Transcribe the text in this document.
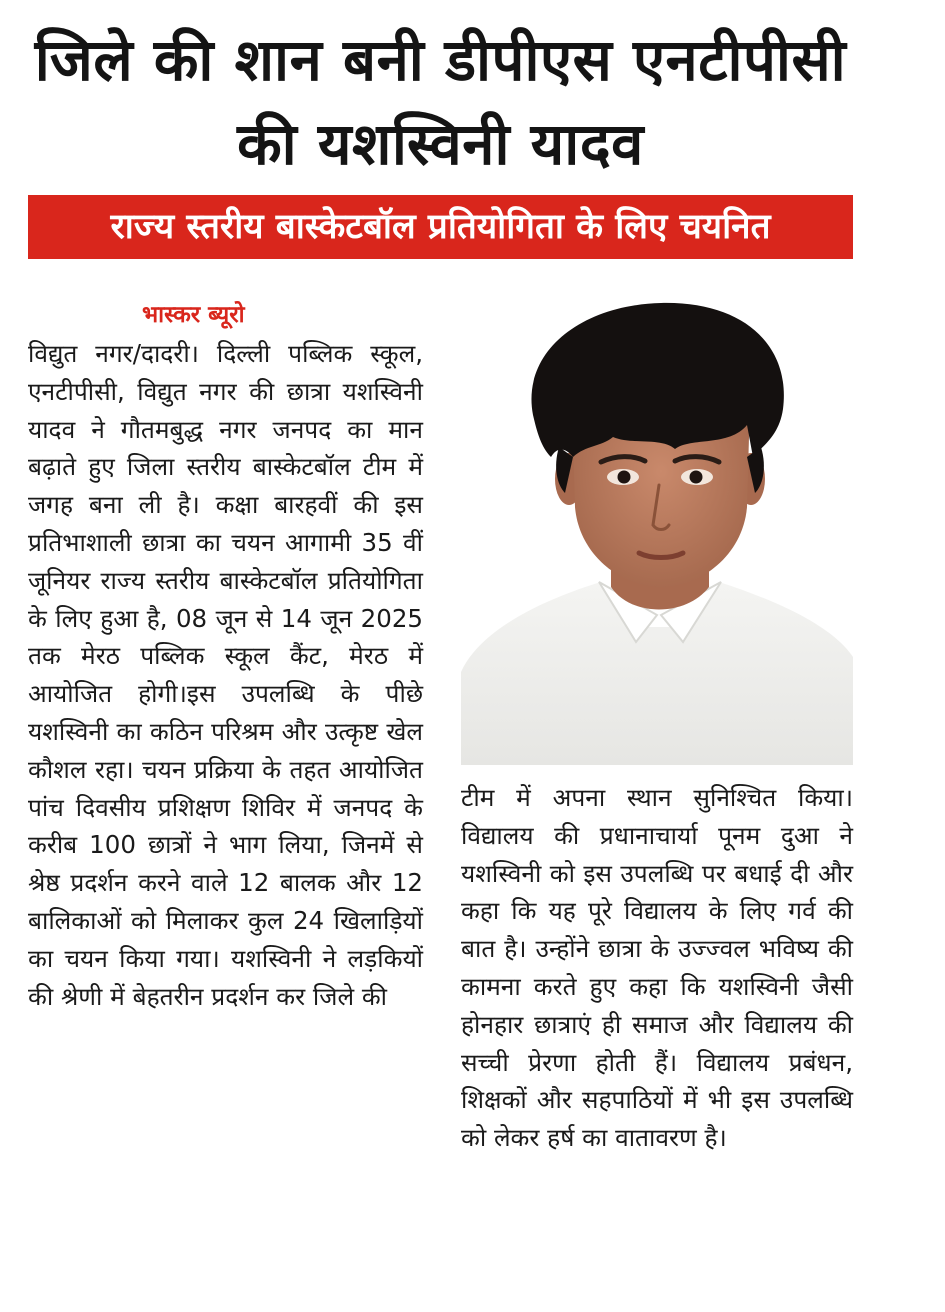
जिले की शान बनी डीपीएस एनटीपीसी
की यशस्विनी यादव
राज्य स्तरीय बास्केटबॉल प्रतियोगिता के लिए चयनित
भास्कर ब्यूरो
विद्युत नगर/दादरी। दिल्ली पब्लिक स्कूल, एनटीपीसी, विद्युत नगर की छात्रा यशस्विनी यादव ने गौतमबुद्ध नगर जनपद का मान बढ़ाते हुए जिला स्तरीय बास्केटबॉल टीम में जगह बना ली है। कक्षा बारहवीं की इस प्रतिभाशाली छात्रा का चयन आगामी 35 वीं जूनियर राज्य स्तरीय बास्केटबॉल प्रतियोगिता के लिए हुआ है, 08 जून से 14 जून 2025 तक मेरठ पब्लिक स्कूल कैंट, मेरठ में आयोजित होगी।इस उपलब्धि के पीछे यशस्विनी का कठिन परिश्रम और उत्कृष्ट खेल कौशल रहा। चयन प्रक्रिया के तहत आयोजित पांच दिवसीय प्रशिक्षण शिविर में जनपद के करीब 100 छात्रों ने भाग लिया, जिनमें से श्रेष्ठ प्रदर्शन करने वाले 12 बालक और 12 बालिकाओं को मिलाकर कुल 24 खिलाड़ियों का चयन किया गया। यशस्विनी ने लड़कियों की श्रेणी में बेहतरीन प्रदर्शन कर जिले की
टीम में अपना स्थान सुनिश्चित किया। विद्यालय की प्रधानाचार्या पूनम दुआ ने यशस्विनी को इस उपलब्धि पर बधाई दी और कहा कि यह पूरे विद्यालय के लिए गर्व की बात है। उन्होंने छात्रा के उज्ज्वल भविष्य की कामना करते हुए कहा कि यशस्विनी जैसी होनहार छात्राएं ही समाज और विद्यालय की सच्ची प्रेरणा होती हैं। विद्यालय प्रबंधन, शिक्षकों और सहपाठियों में भी इस उपलब्धि को लेकर हर्ष का वातावरण है।
